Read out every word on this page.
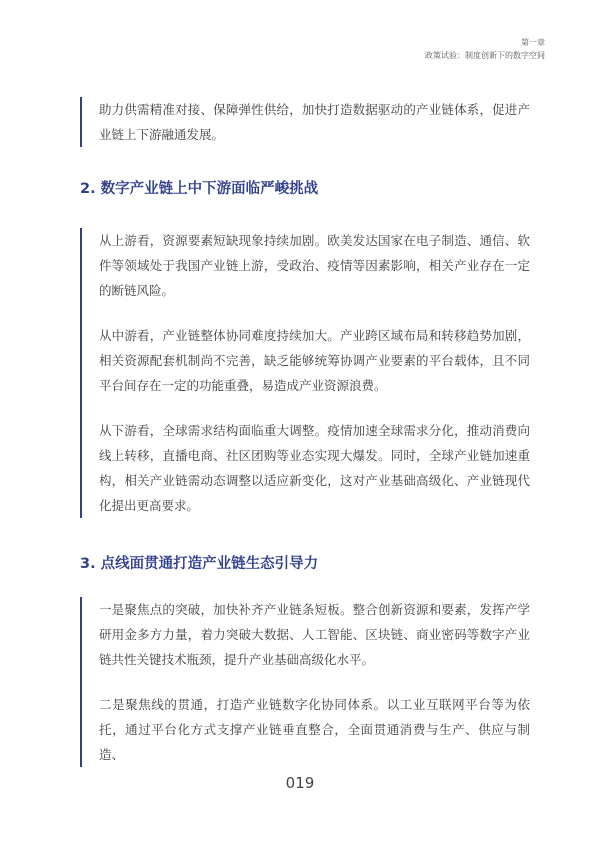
第一章
政策试验：制度创新下的数字空间

助力供需精准对接、保障弹性供给，加快打造数据驱动的产业链体系，促进产业链上下游融通发展。

2. 数字产业链上中下游面临严峻挑战

从上游看，资源要素短缺现象持续加剧。欧美发达国家在电子制造、通信、软件等领域处于我国产业链上游，受政治、疫情等因素影响，相关产业存在一定的断链风险。

从中游看，产业链整体协同难度持续加大。产业跨区域布局和转移趋势加剧，相关资源配套机制尚不完善，缺乏能够统筹协调产业要素的平台载体，且不同平台间存在一定的功能重叠，易造成产业资源浪费。

从下游看，全球需求结构面临重大调整。疫情加速全球需求分化，推动消费向线上转移，直播电商、社区团购等业态实现大爆发。同时，全球产业链加速重构，相关产业链需动态调整以适应新变化，这对产业基础高级化、产业链现代化提出更高要求。

3. 点线面贯通打造产业链生态引导力

一是聚焦点的突破，加快补齐产业链条短板。整合创新资源和要素，发挥产学研用金多方力量，着力突破大数据、人工智能、区块链、商业密码等数字产业链共性关键技术瓶颈，提升产业基础高级化水平。

二是聚焦线的贯通，打造产业链数字化协同体系。以工业互联网平台等为依托，通过平台化方式支撑产业链垂直整合，全面贯通消费与生产、供应与制造、

019
